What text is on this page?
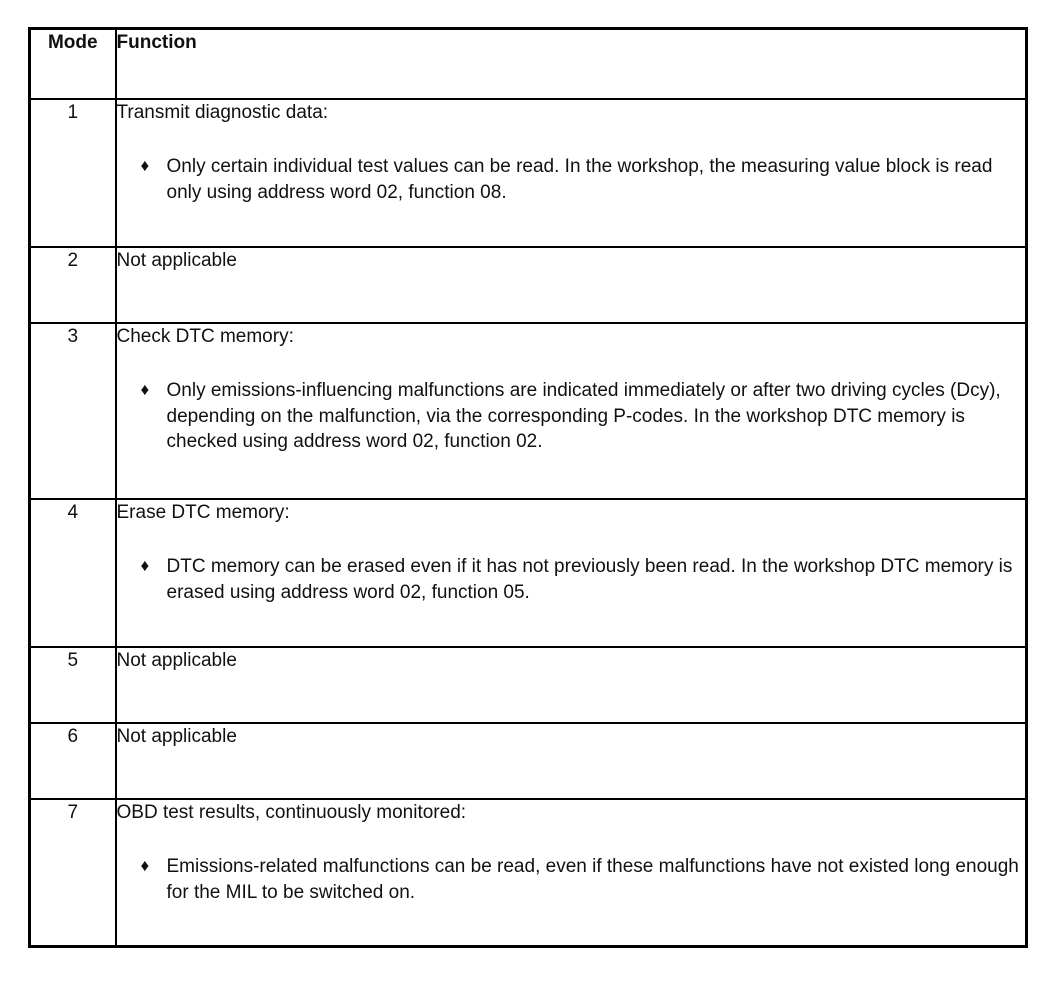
Mode	Function
1	Transmit diagnostic data:
♦ Only certain individual test values can be read. In the workshop, the measuring value block is read only using address word 02, function 08.

2	Not applicable

3	Check DTC memory:
♦ Only emissions-influencing malfunctions are indicated immediately or after two driving cycles (Dcy), depending on the malfunction, via the corresponding P-codes. In the workshop DTC memory is checked using address word 02, function 02.

4	Erase DTC memory:
♦ DTC memory can be erased even if it has not previously been read. In the workshop DTC memory is erased using address word 02, function 05.

5	Not applicable

6	Not applicable

7	OBD test results, continuously monitored:
♦ Emissions-related malfunctions can be read, even if these malfunctions have not existed long enough for the MIL to be switched on.
